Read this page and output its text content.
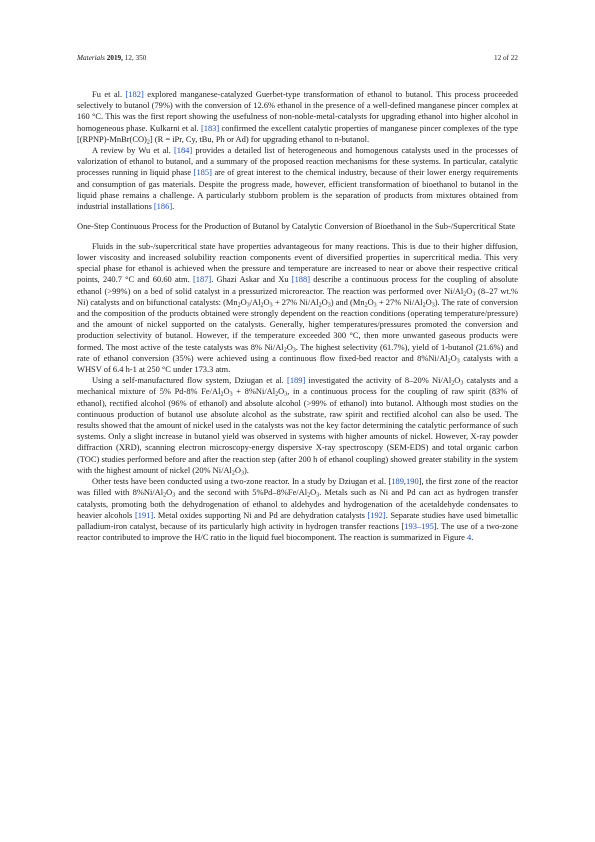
Materials 2019, 12, 350	12 of 22

Fu et al. [182] explored manganese-catalyzed Guerbet-type transformation of ethanol to butanol. This process proceeded selectively to butanol (79%) with the conversion of 12.6% ethanol in the presence of a well-defined manganese pincer complex at 160 °C. This was the first report showing the usefulness of non-noble-metal-catalysts for upgrading ethanol into higher alcohol in homogeneous phase. Kulkarni et al. [183] confirmed the excellent catalytic properties of manganese pincer complexes of the type $[(RPNP)-MnBr(CO)_2] (R$ = iPr, Cy, tBu, Ph or Ad) for upgrading ethanol to n-butanol.

A review by Wu et al. [184] provides a detailed list of heterogeneous and homogenous catalysts used in the processes of valorization of ethanol to butanol, and a summary of the proposed reaction mechanisms for these systems. In particular, catalytic processes running in liquid phase [185] are of great interest to the chemical industry, because of their lower energy requirements and consumption of gas materials. Despite the progress made, however, efficient transformation of bioethanol to butanol in the liquid phase remains a challenge. A particularly stubborn problem is the separation of products from mixtures obtained from industrial installations [186].

One-Step Continuous Process for the Production of Butanol by Catalytic Conversion of Bioethanol in the Sub-/Supercritical State

Fluids in the sub-/supercritical state have properties advantageous for many reactions. This is due to their higher diffusion, lower viscosity and increased solubility reaction components event of diversified properties in supercritical media. This very special phase for ethanol is achieved when the pressure and temperature are increased to near or above their respective critical points, 240.7 °C and 60.60 atm. [187]. Ghazi Askar and Xu [188] describe a continuous process for the coupling of absolute ethanol (>99%) on a bed of solid catalyst in a pressurized microreactor. The reaction was performed over $Ni/Al_2O_3$ (8–27 wt.% Ni) catalysts and on bifunctional catalysts: ($Mn_2O_3/Al_2O_3 + 27\%$ $Ni/Al_2O_3$) and ($Mn_2O_3 + 27\%$ $Ni/Al_2O_3$). The rate of conversion and the composition of the products obtained were strongly dependent on the reaction conditions (operating temperature/pressure) and the amount of nickel supported on the catalysts. Generally, higher temperatures/pressures promoted the conversion and production selectivity of butanol. However, if the temperature exceeded 300 °C, then more unwanted gaseous products were formed. The most active of the teste catalysts was 8% $Ni/Al_2O_3$. The highest selectivity (61.7%), yield of 1-butanol (21.6%) and rate of ethanol conversion (35%) were achieved using a continuous flow fixed-bed reactor and $8\%Ni/Al_2O_3$ catalysts with a WHSV of 6.4 h-1 at 250 °C under 173.3 atm.

Using a self-manufactured flow system, Dziugan et al. [189] investigated the activity of 8–20% $Ni/Al_2O_3$ catalysts and a mechanical mixture of 5% Pd-8% $Fe/Al_2O_3 + 8\%Ni/Al_2O_3$, in a continuous process for the coupling of raw spirit (83% of ethanol), rectified alcohol (96% of ethanol) and absolute alcohol (>99% of ethanol) into butanol. Although most studies on the continuous production of butanol use absolute alcohol as the substrate, raw spirit and rectified alcohol can also be used. The results showed that the amount of nickel used in the catalysts was not the key factor determining the catalytic performance of such systems. Only a slight increase in butanol yield was observed in systems with higher amounts of nickel. However, X-ray powder diffraction (XRD), scanning electron microscopy-energy dispersive X-ray spectroscopy (SEM-EDS) and total organic carbon (TOC) studies performed before and after the reaction step (after 200 h of ethanol coupling) showed greater stability in the system with the highest amount of nickel (20% $Ni/Al_2O_3$).

Other tests have been conducted using a two-zone reactor. In a study by Dziugan et al. [189,190], the first zone of the reactor was filled with $8\%Ni/Al_2O_3$ and the second with $5\%Pd-8\%Fe/Al_2O_3$. Metals such as Ni and Pd can act as hydrogen transfer catalysts, promoting both the dehydrogenation of ethanol to aldehydes and hydrogenation of the acetaldehyde condensates to heavier alcohols [191]. Metal oxides supporting Ni and Pd are dehydration catalysts [192]. Separate studies have used bimetallic palladium-iron catalyst, because of its particularly high activity in hydrogen transfer reactions [193–195]. The use of a two-zone reactor contributed to improve the H/C ratio in the liquid fuel biocomponent. The reaction is summarized in Figure 4.
